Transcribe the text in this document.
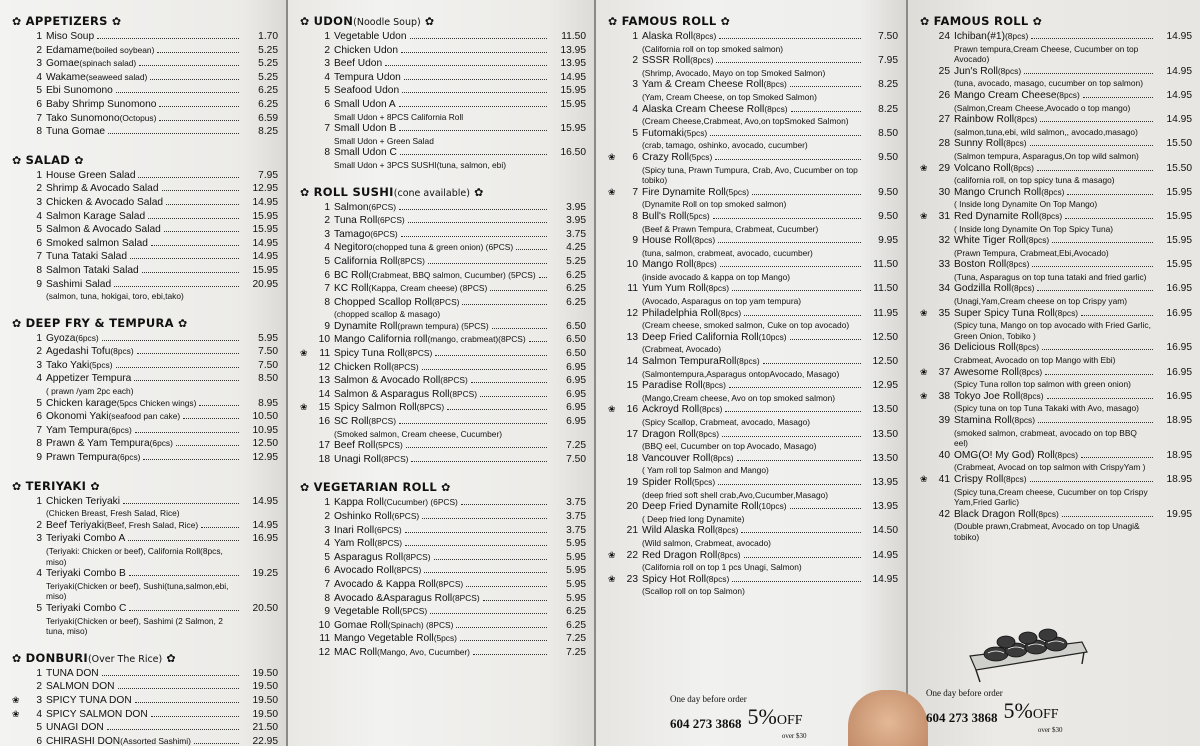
✿ APPETIZERS ✿
1 Miso Soup	1.70
2 Edamame(boiled soybean)	5.25
3 Gomae(spinach salad)	5.25
4 Wakame(seaweed salad)	5.25
5 Ebi Sunomono	6.25
6 Baby Shrimp Sunomono	6.25
7 Tako Sunomono(Octopus)	6.59
8 Tuna Gomae	8.25
✿ SALAD ✿
1 House Green Salad	7.95
2 Shrimp & Avocado Salad	12.95
3 Chicken & Avocado Salad	14.95
4 Salmon Karage Salad	15.95
5 Salmon & Avocado Salad	15.95
6 Smoked salmon Salad	14.95
7 Tuna Tataki Salad	14.95
8 Salmon Tataki Salad	15.95
9 Sashimi Salad	20.95
(salmon, tuna, hokigai, toro, ebi,tako)
✿ DEEP FRY & TEMPURA ✿
1 Gyoza(6pcs)	5.95
2 Agedashi Tofu(8pcs)	7.50
3 Tako Yaki(5pcs)	7.50
4 Appetizer Tempura	8.50
( prawn /yam 2pc each)
5 Chicken karage(5pcs Chicken wings)	8.95
6 Okonomi Yaki(seafood pan cake)	10.50
7 Yam Tempura(6pcs)	10.95
8 Prawn & Yam Tempura(6pcs)	12.50
9 Prawn Tempura(6pcs)	12.95
✿ TERIYAKI ✿
1 Chicken Teriyaki	14.95
(Chicken Breast, Fresh Salad, Rice)
2 Beef Teriyaki(Beef, Fresh Salad, Rice)	14.95
3 Teriyaki Combo A	16.95
(Teriyaki: Chicken or beef), California Roll(8pcs, miso)
4 Teriyaki Combo B	19.25
Teriyaki(Chicken or beef), Sushi(tuna,salmon,ebi, miso)
5 Teriyaki Combo C	20.50
Teriyaki(Chicken or beef), Sashimi (2 Salmon, 2 tuna, miso)
✿ DONBURI(Over The Rice) ✿
1 TUNA DON	19.50
2 SALMON DON	19.50
❀	3 SPICY TUNA DON	19.50
❀	4 SPICY SALMON DON	19.50
5 UNAGI DON	21.50
6 CHIRASHI DON(Assorted Sashimi)	22.95
✿ UDON(Noodle Soup) ✿
1 Vegetable Udon	11.50
2 Chicken Udon	13.95
3 Beef Udon	13.95
4 Tempura Udon	14.95
5 Seafood Udon	15.95
6 Small Udon A	15.95
Small Udon + 8PCS California Roll
7 Small Udon B	15.95
Small Udon + Green Salad
8 Small Udon C	16.50
Small Udon + 3PCS SUSHI(tuna, salmon, ebi)
✿ ROLL SUSHI(cone available) ✿
1 Salmon(6PCS)	3.95
2 Tuna Roll(6PCS)	3.95
3 Tamago(6PCS)	3.75
4 Negitoro(chopped tuna & green onion) (6PCS)	4.25
5 California Roll(8PCS)	5.25
6 BC Roll(Crabmeat, BBQ salmon, Cucumber) (5PCS)	6.25
7 KC Roll(Kappa, Cream cheese) (8PCS)	6.25
8 Chopped Scallop Roll(8PCS)	6.25
(chopped scallop & masago)
9 Dynamite Roll(prawn tempura) (5PCS)	6.50
10 Mango California roll(mango, crabmeat)(8PCS)	6.50
❀	11 Spicy Tuna Roll(8PCS)	6.50
12 Chicken Roll(8PCS)	6.95
13 Salmon & Avocado Roll(8PCS)	6.95
14 Salmon & Asparagus Roll(8PCS)	6.95
❀	15 Spicy Salmon Roll(8PCS)	6.95
16 SC Roll(8PCS)	6.95
(Smoked salmon, Cream cheese, Cucumber)
17 Beef Roll(5PCS)	7.25
18 Unagi Roll(8PCS)	7.50
✿ VEGETARIAN ROLL ✿
1 Kappa Roll(Cucumber) (6PCS)	3.75
2 Oshinko Roll(6PCS)	3.75
3 Inari Roll(6PCS)	3.75
4 Yam Roll(8PCS)	5.95
5 Asparagus Roll(8PCS)	5.95
6 Avocado Roll(8PCS)	5.95
7 Avocado & Kappa Roll(8PCS)	5.95
8 Avocado &Asparagus Roll(8PCS)	5.95
9 Vegetable Roll(5PCS)	6.25
10 Gomae Roll(Spinach) (8PCS)	6.25
11 Mango Vegetable Roll(5pcs)	7.25
12 MAC Roll(Mango, Avo, Cucumber)	7.25
✿ FAMOUS ROLL ✿
1 Alaska Roll(8pcs)	7.50
(California roll on top smoked salmon)
2 SSSR Roll(8pcs)	7.95
(Shrimp, Avocado, Mayo on top Smoked Salmon)
3 Yam & Cream Cheese Roll(8pcs)	8.25
(Yam, Cream Cheese, on top Smoked Salmon)
4 Alaska Cream Cheese Roll(8pcs)	8.25
(Cream Cheese,Crabmeat, Avo,on topSmoked Salmon)
5 Futomaki(5pcs)	8.50
(crab, tamago, oshinko, avocado, cucumber)
❀	6 Crazy Roll(5pcs)	9.50
(Spicy tuna, Prawn Tumpura, Crab, Avo, Cucumber on top tobiko)
❀	7 Fire Dynamite Roll(5pcs)	9.50
(Dynamite Roll on top smoked salmon)
8 Bull's Roll(5pcs)	9.50
(Beef & Prawn Tempura, Crabmeat, Cucumber)
9 House Roll(8pcs)	9.95
(tuna, salmon, crabmeat, avocado, cucumber)
10 Mango Roll(8pcs)	11.50
(inside avocado & kappa on top Mango)
11 Yum Yum Roll(8pcs)	11.50
(Avocado, Asparagus on top yam tempura)
12 Philadelphia Roll(8pcs)	11.95
(Cream cheese, smoked salmon, Cuke on top avocado)
13 Deep Fried California Roll(10pcs)	12.50
(Crabmeat, Avocado)
14 Salmon TempuraRoll(8pcs)	12.50
(Salmontempura,Asparagus ontopAvocado, Masago)
15 Paradise Roll(8pcs)	12.95
(Mango,Cream cheese, Avo on top smoked salmon)
❀	16 Ackroyd Roll(8pcs)	13.50
(Spicy Scallop, Crabmeat, avocado, Masago)
17 Dragon Roll(8pcs)	13.50
(BBQ eel, Cucumber on top Avocado, Masago)
18 Vancouver Roll(8pcs)	13.50
( Yam roll top Salmon and Mango)
19 Spider Roll(5pcs)	13.95
(deep fried soft shell crab,Avo,Cucumber,Masago)
20 Deep Fried Dynamite Roll(10pcs)	13.95
( Deep fried long Dynamite)
21 Wild Alaska Roll(8pcs)	14.50
(Wild salmon, Crabmeat, avocado)
❀	22 Red Dragon Roll(8pcs)	14.95
(California roll on top 1 pcs Unagi, Salmon)
❀	23 Spicy Hot Roll(8pcs)	14.95
(Scallop roll on top Salmon)
✿ FAMOUS ROLL ✿
24 Ichiban(#1)(8pcs)	14.95
Prawn tempura,Cream Cheese, Cucumber on top Avocado)
25 Jun's Roll(8pcs)	14.95
(tuna, avocado, masago, cucumber on top salmon)
26 Mango Cream Cheese(8pcs)	14.95
(Salmon,Cream Cheese,Avocado o top mango)
27 Rainbow Roll(8pcs)	14.95
(salmon,tuna,ebi, wild salmon,, avocado,masago)
28 Sunny Roll(8pcs)	15.50
(Salmon tempura, Asparagus,On top wild salmon)
❀	29 Volcano Roll(8pcs)	15.50
(california roll, on top spicy tuna & masago)
30 Mango Crunch Roll(8pcs)	15.95
( Inside long Dynamite On Top Mango)
❀	31 Red Dynamite Roll(8pcs)	15.95
( Inside long Dynamite On Top Spicy Tuna)
32 White Tiger Roll(8pcs)	15.95
(Prawn Tempura, Crabmeat,Ebi,Avocado)
33 Boston Roll(8pcs)	15.95
(Tuna, Asparagus on top tuna tataki and fried garlic)
34 Godzilla Roll(8pcs)	16.95
(Unagi,Yam,Cream cheese on top Crispy yam)
❀	35 Super Spicy Tuna Roll(8pcs)	16.95
(Spicy tuna, Mango on top avocado with Fried Garlic, Green Onion, Tobiko )
36 Delicious Roll(8pcs)	16.95
Crabmeat, Avocado on top Mango with Ebi)
❀	37 Awesome Roll(8pcs)	16.95
(Spicy Tuna rollon top salmon with green onion)
❀	38 Tokyo Joe Roll(8pcs)	16.95
(Spicy tuna on top Tuna Takaki with Avo, masago)
39 Stamina Roll(8pcs)	18.95
(smoked salmon, crabmeat, avocado on top BBQ eel)
40 OMG(O! My God) Roll(8pcs)	18.95
(Crabmeat, Avocad on top salmon with CrispyYam )
❀	41 Crispy Roll(8pcs)	18.95
(Spicy tuna,Cream cheese, Cucumber on top Crispy Yam,Fried Garlic)
42 Black Dragon Roll(8pcs)	19.95
(Double prawn,Crabmeat, Avocado on top Unagi& tobiko)
One day before order
604 273 3868 5%OFF
over $30
One day before order
604 273 3868 5%OFF
over $30
